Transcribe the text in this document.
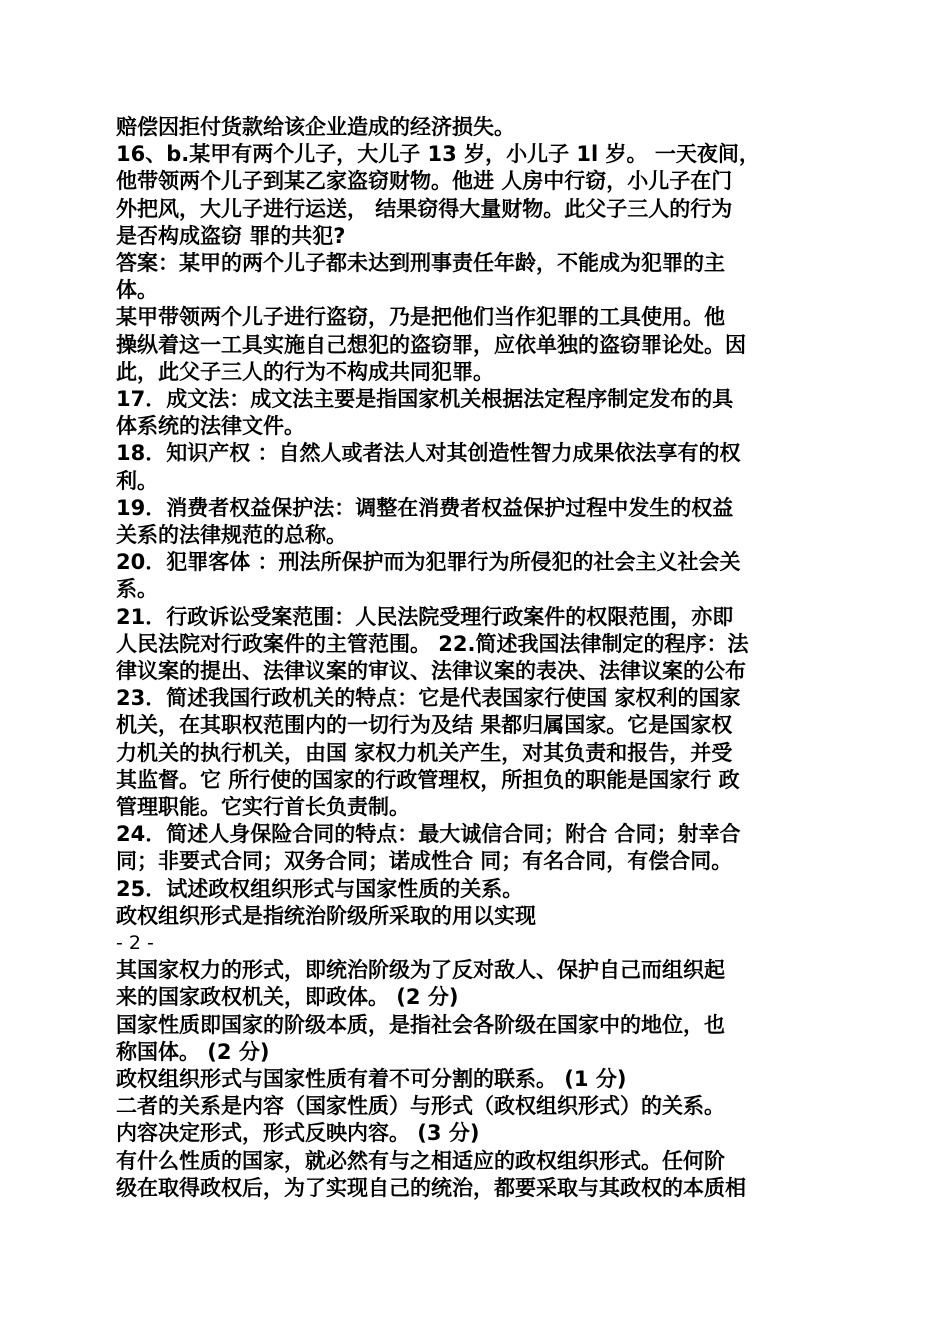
赔偿因拒付货款给该企业造成的经济损失。
16、b.某甲有两个儿子，大儿子 13 岁，小儿子 1l 岁。 一天夜间，
他带领两个儿子到某乙家盗窃财物。他进 人房中行窃，小儿子在门
外把风，大儿子进行运送， 结果窃得大量财物。此父子三人的行为
是否构成盗窃 罪的共犯?
答案：某甲的两个儿子都未达到刑事责任年龄，不能成为犯罪的主
体。
某甲带领两个儿子进行盗窃，乃是把他们当作犯罪的工具使用。他
操纵着这一工具实施自己想犯的盗窃罪，应依单独的盗窃罪论处。因
此，此父子三人的行为不构成共同犯罪。
17．成文法：成文法主要是指国家机关根据法定程序制定发布的具
体系统的法律文件。
18．知识产权 ：自然人或者法人对其创造性智力成果依法享有的权
利。
19．消费者权益保护法：调整在消费者权益保护过程中发生的权益
关系的法律规范的总称。
20．犯罪客体 ：刑法所保护而为犯罪行为所侵犯的社会主义社会关
系。
21．行政诉讼受案范围：人民法院受理行政案件的权限范围，亦即
人民法院对行政案件的主管范围。 22.简述我国法律制定的程序：法
律议案的提出、法律议案的审议、法律议案的表决、法律议案的公布
23．简述我国行政机关的特点：它是代表国家行使国 家权利的国家
机关，在其职权范围内的一切行为及结 果都归属国家。它是国家权
力机关的执行机关，由国 家权力机关产生，对其负责和报告，并受
其监督。它 所行使的国家的行政管理权，所担负的职能是国家行 政
管理职能。它实行首长负责制。
24．简述人身保险合同的特点：最大诚信合同；附合 合同；射幸合
同；非要式合同；双务合同；诺成性合 同；有名合同，有偿合同。
25．试述政权组织形式与国家性质的关系。
政权组织形式是指统治阶级所采取的用以实现
- 2 -
其国家权力的形式，即统治阶级为了反对敌人、保护自己而组织起
来的国家政权机关，即政体。 (2 分)
国家性质即国家的阶级本质，是指社会各阶级在国家中的地位，也
称国体。 (2 分)
政权组织形式与国家性质有着不可分割的联系。 (1 分)
二者的关系是内容（国家性质）与形式（政权组织形式）的关系。
内容决定形式，形式反映内容。 (3 分)
有什么性质的国家，就必然有与之相适应的政权组织形式。任何阶
级在取得政权后，为了实现自己的统治，都要采取与其政权的本质相
